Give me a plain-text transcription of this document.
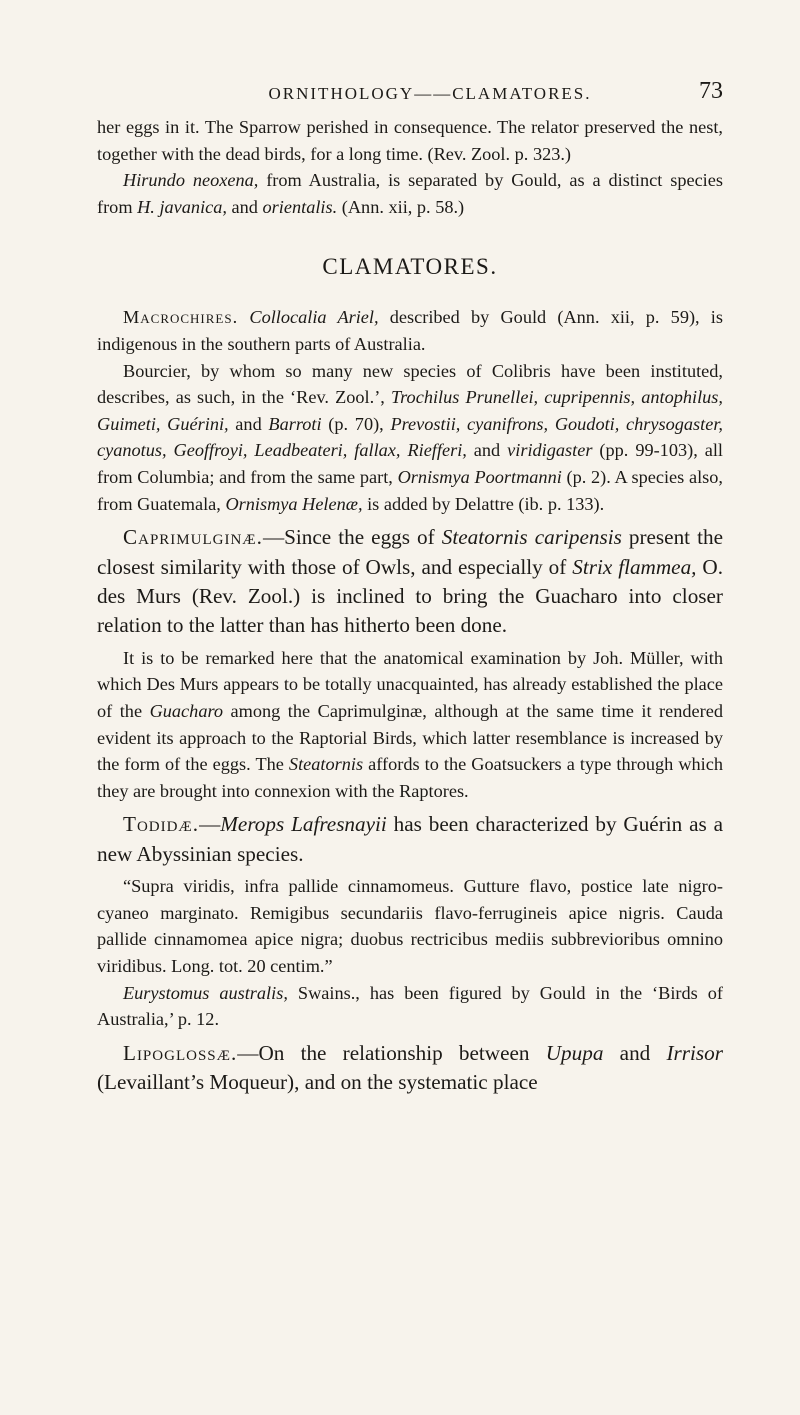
ORNITHOLOGY——CLAMATORES.	73

her eggs in it. The Sparrow perished in consequence. The relator preserved the nest, together with the dead birds, for a long time. (Rev. Zool. p. 323.)

Hirundo neoxena, from Australia, is separated by Gould, as a distinct species from H. javanica, and orientalis. (Ann. xii, p. 58.)

CLAMATORES.

Macrochires. Collocalia Ariel, described by Gould (Ann. xii, p. 59), is indigenous in the southern parts of Australia.

Bourcier, by whom so many new species of Colibris have been instituted, describes, as such, in the ‘Rev. Zool.’, Trochilus Prunellei, cupripennis, antophilus, Guimeti, Guérini, and Barroti (p. 70), Prevostii, cyanifrons, Goudoti, chrysogaster, cyanotus, Geoffroyi, Leadbeateri, fallax, Riefferi, and viridigaster (pp. 99-103), all from Columbia; and from the same part, Ornismya Poortmanni (p. 2). A species also, from Guatemala, Ornismya Helenæ, is added by Delattre (ib. p. 133).

Caprimulginæ.—Since the eggs of Steatornis caripensis present the closest similarity with those of Owls, and especially of Strix flammea, O. des Murs (Rev. Zool.) is inclined to bring the Guacharo into closer relation to the latter than has hitherto been done.

It is to be remarked here that the anatomical examination by Joh. Müller, with which Des Murs appears to be totally unacquainted, has already established the place of the Guacharo among the Caprimulginæ, although at the same time it rendered evident its approach to the Raptorial Birds, which latter resemblance is increased by the form of the eggs. The Steatornis affords to the Goatsuckers a type through which they are brought into connexion with the Raptores.

Todidæ.—Merops Lafresnayii has been characterized by Guérin as a new Abyssinian species.

“Supra viridis, infra pallide cinnamomeus. Gutture flavo, postice late nigro-cyaneo marginato. Remigibus secundariis flavo-ferrugineis apice nigris. Cauda pallide cinnamomea apice nigra; duobus rectricibus mediis subbrevioribus omnino viridibus. Long. tot. 20 centim.”

Eurystomus australis, Swains., has been figured by Gould in the ‘Birds of Australia,’ p. 12.

Lipoglossæ.—On the relationship between Upupa and Irrisor (Levaillant’s Moqueur), and on the systematic place
